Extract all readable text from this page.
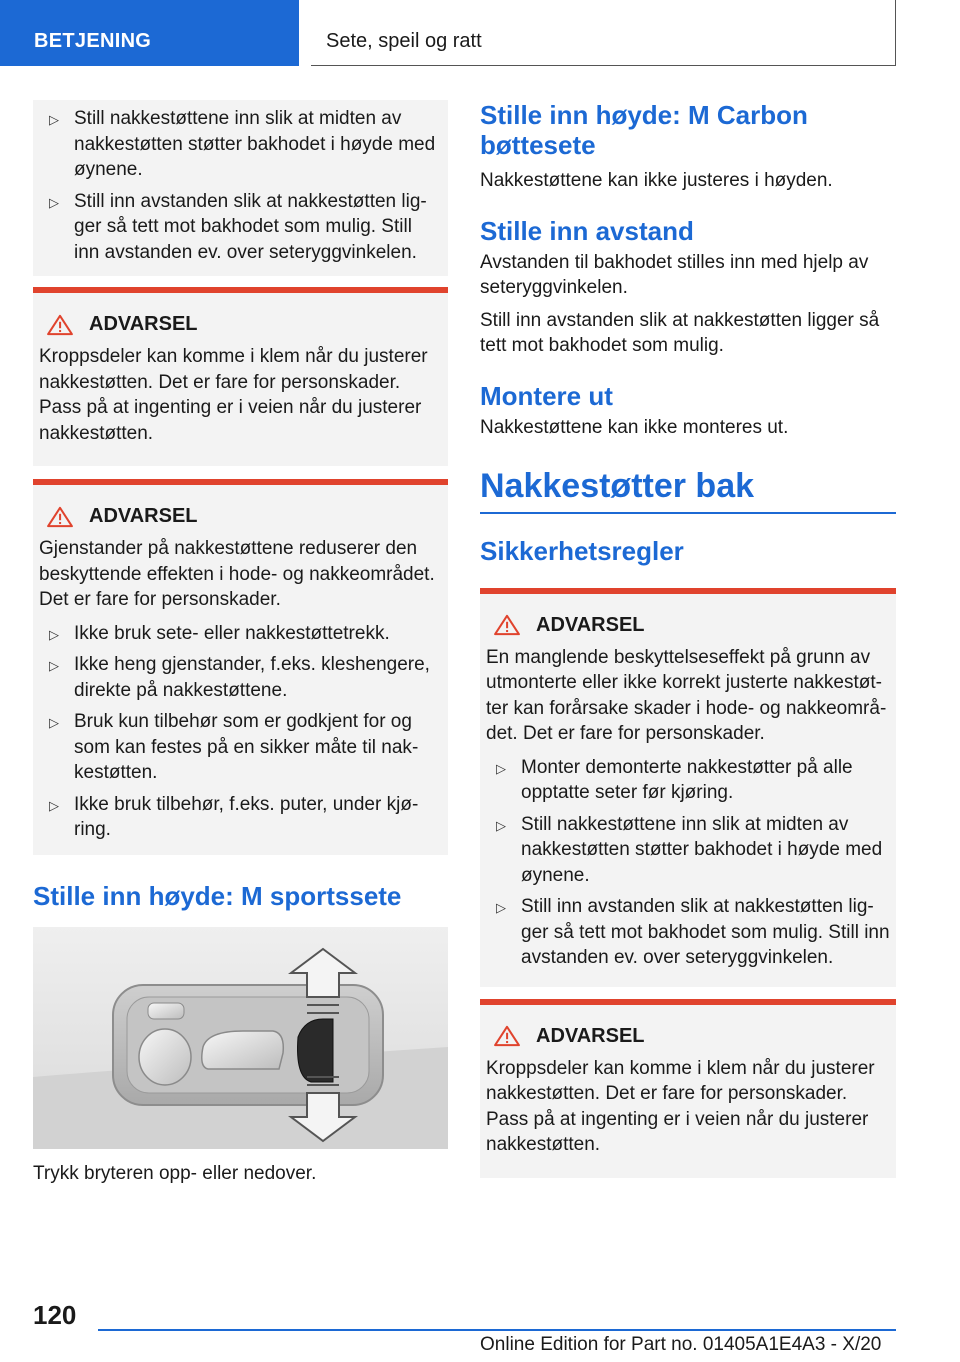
BETJENING	Sete, speil og ratt
▷ Still nakkestøttene inn slik at midten av nakkestøtten støtter bakhodet i høyde med øynene.
▷ Still inn avstanden slik at nakkestøtten ligger så tett mot bakhodet som mulig. Still inn avstanden ev. over seteryggvinkelen.
ADVARSEL
Kroppsdeler kan komme i klem når du justerer nakkestøtten. Det er fare for personskader. Pass på at ingenting er i veien når du justerer nakkestøtten.
ADVARSEL
Gjenstander på nakkestøttene reduserer den beskyttende effekten i hode- og nakkeområdet. Det er fare for personskader.
▷ Ikke bruk sete- eller nakkestøttetrekk.
▷ Ikke heng gjenstander, f.eks. kleshengere, direkte på nakkestøttene.
▷ Bruk kun tilbehør som er godkjent for og som kan festes på en sikker måte til nakkestøtten.
▷ Ikke bruk tilbehør, f.eks. puter, under kjøring.
Stille inn høyde: M sportssete
Trykk bryteren opp- eller nedover.
Stille inn høyde: M Carbon bøttesete
Nakkestøttene kan ikke justeres i høyden.
Stille inn avstand
Avstanden til bakhodet stilles inn med hjelp av seteryggvinkelen.
Still inn avstanden slik at nakkestøtten ligger så tett mot bakhodet som mulig.
Montere ut
Nakkestøttene kan ikke monteres ut.
Nakkestøtter bak
Sikkerhetsregler
ADVARSEL
En manglende beskyttelseseffekt på grunn av utmonterte eller ikke korrekt justerte nakkestøtter kan forårsake skader i hode- og nakkeområdet. Det er fare for personskader.
▷ Monter demonterte nakkestøtter på alle opptatte seter før kjøring.
▷ Still nakkestøttene inn slik at midten av nakkestøtten støtter bakhodet i høyde med øynene.
▷ Still inn avstanden slik at nakkestøtten ligger så tett mot bakhodet som mulig. Still inn avstanden ev. over seteryggvinkelen.
ADVARSEL
Kroppsdeler kan komme i klem når du justerer nakkestøtten. Det er fare for personskader. Pass på at ingenting er i veien når du justerer nakkestøtten.
120
Online Edition for Part no. 01405A1E4A3 - X/20
